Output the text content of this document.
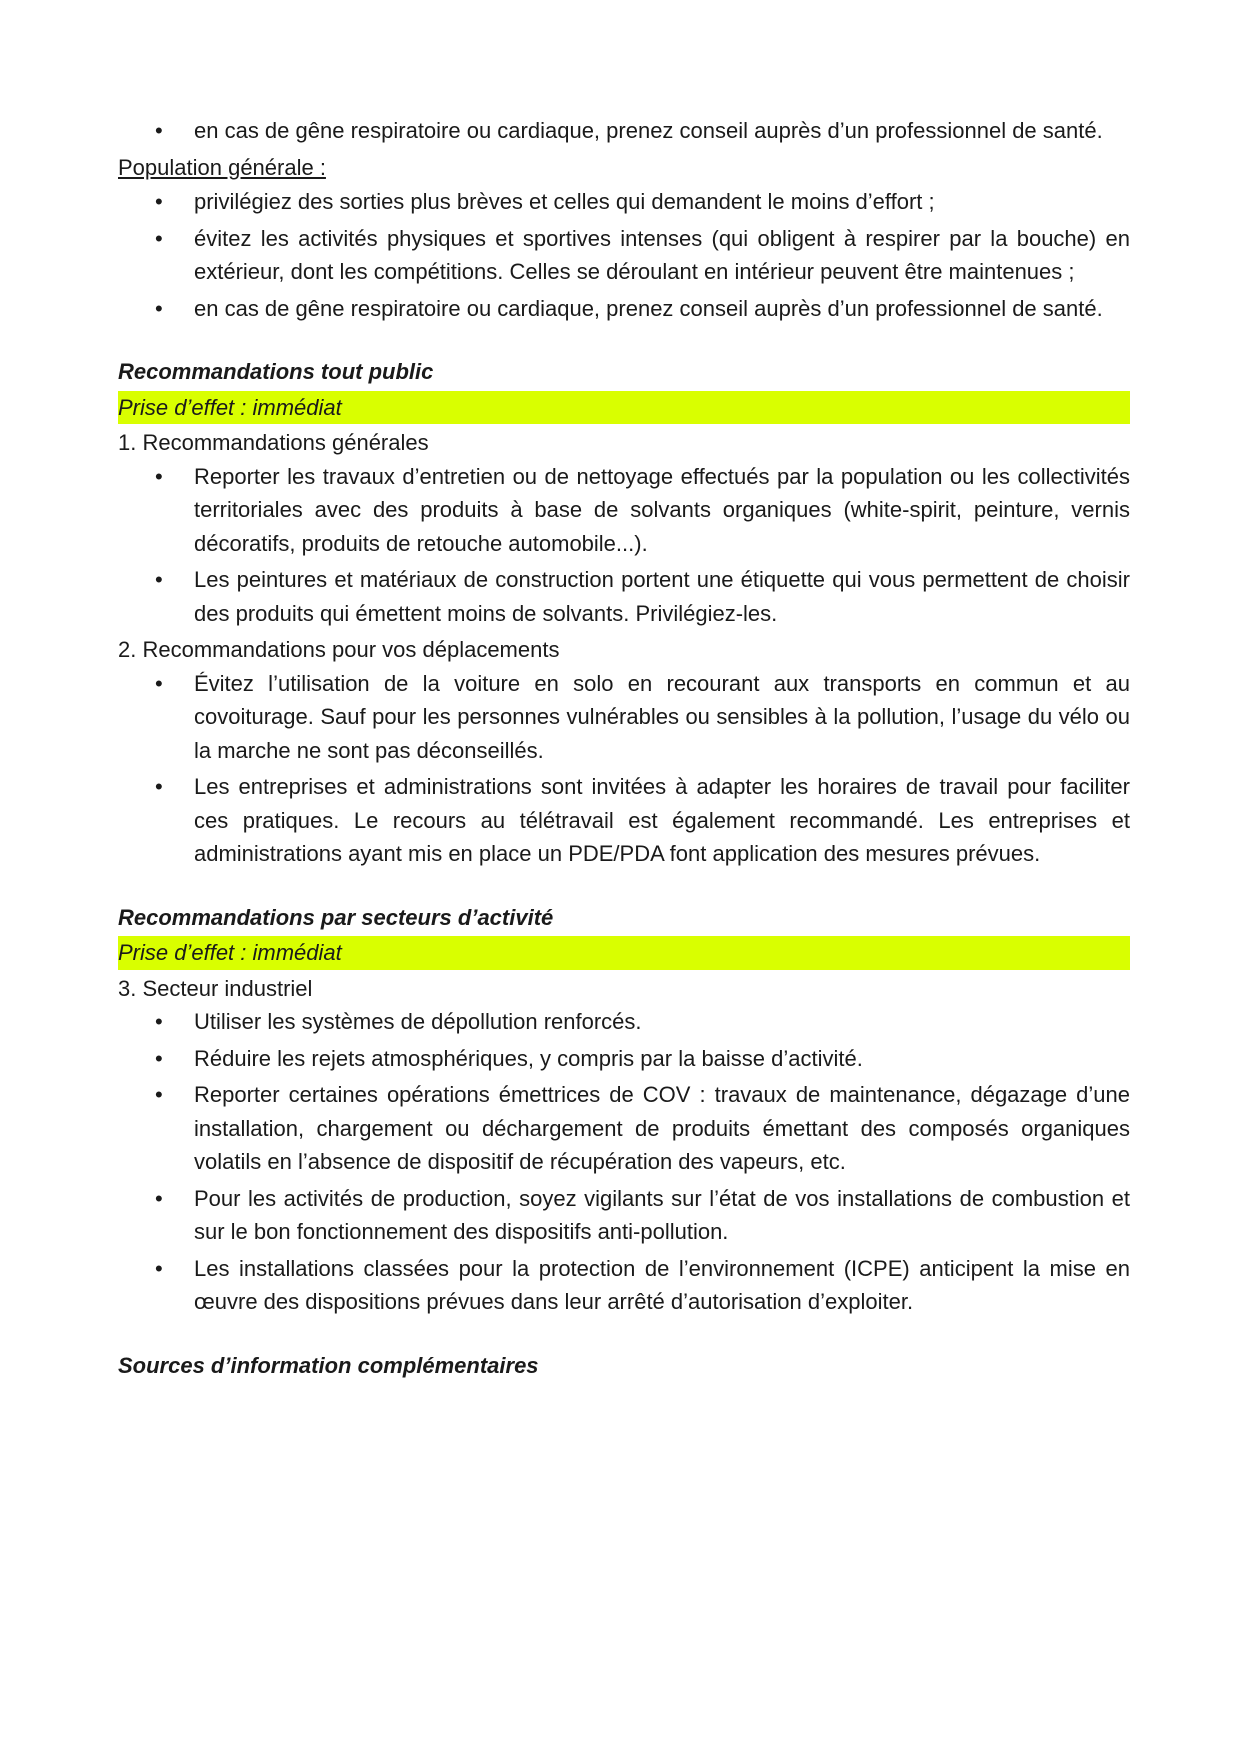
• en cas de gêne respiratoire ou cardiaque, prenez conseil auprès d’un professionnel de santé.
Population générale :
• privilégiez des sorties plus brèves et celles qui demandent le moins d’effort ;
• évitez les activités physiques et sportives intenses (qui obligent à respirer par la bouche) en extérieur, dont les compétitions. Celles se déroulant en intérieur peuvent être maintenues ;
• en cas de gêne respiratoire ou cardiaque, prenez conseil auprès d’un professionnel de santé.
Recommandations tout public
Prise d’effet : immédiat
1. Recommandations générales
• Reporter les travaux d’entretien ou de nettoyage effectués par la population ou les collectivités territoriales avec des produits à base de solvants organiques (white-spirit, peinture, vernis décoratifs, produits de retouche automobile...).
• Les peintures et matériaux de construction portent une étiquette qui vous permettent de choisir des produits qui émettent moins de solvants. Privilégiez-les.
2. Recommandations pour vos déplacements
• Évitez l’utilisation de la voiture en solo en recourant aux transports en commun et au covoiturage. Sauf pour les personnes vulnérables ou sensibles à la pollution, l’usage du vélo ou la marche ne sont pas déconseillés.
• Les entreprises et administrations sont invitées à adapter les horaires de travail pour faciliter ces pratiques. Le recours au télétravail est également recommandé. Les entreprises et administrations ayant mis en place un PDE/PDA font application des mesures prévues.
Recommandations par secteurs d’activité
Prise d’effet : immédiat
3. Secteur industriel
• Utiliser les systèmes de dépollution renforcés.
• Réduire les rejets atmosphériques, y compris par la baisse d’activité.
• Reporter certaines opérations émettrices de COV : travaux de maintenance, dégazage d’une installation, chargement ou déchargement de produits émettant des composés organiques volatils en l’absence de dispositif de récupération des vapeurs, etc.
• Pour les activités de production, soyez vigilants sur l’état de vos installations de combustion et sur le bon fonctionnement des dispositifs anti-pollution.
• Les installations classées pour la protection de l’environnement (ICPE) anticipent la mise en œuvre des dispositions prévues dans leur arrêté d’autorisation d’exploiter.
Sources d’information complémentaires
